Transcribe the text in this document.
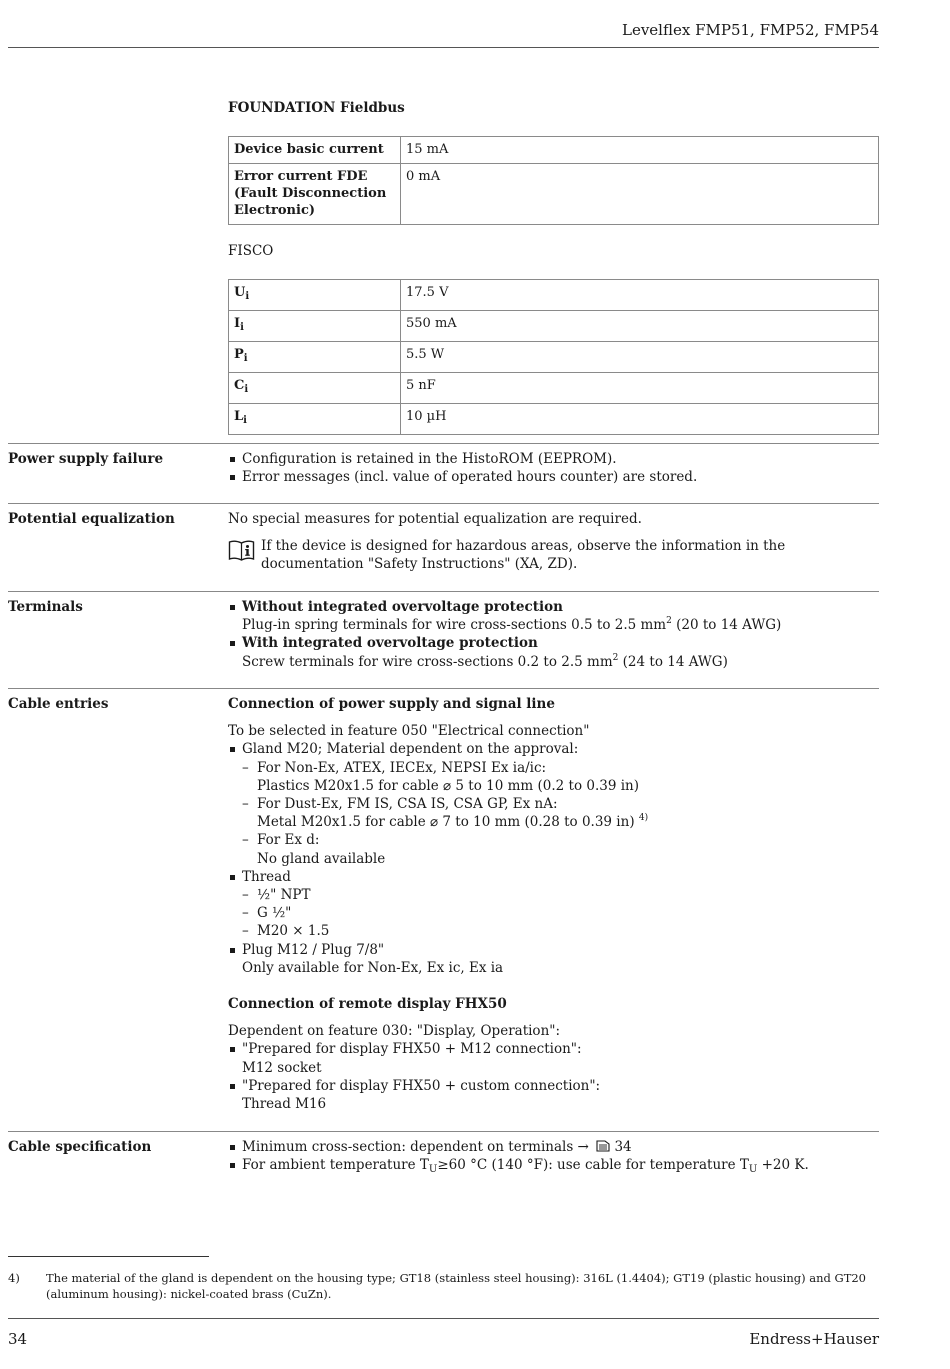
Levelflex FMP51, FMP52, FMP54
FOUNDATION Fieldbus
Device basic current	15 mA
Error current FDE (Fault Disconnection Electronic)	0 mA
FISCO
$U_i$	17.5 V
$I_i$	550 mA
$P_i$	5.5 W
$C_i$	5 nF
$L_i$	10 µH
Power supply failure	Configuration is retained in the HistoROM (EEPROM).
Error messages (incl. value of operated hours counter) are stored.
Potential equalization	No special measures for potential equalization are required.
If the device is designed for hazardous areas, observe the information in the documentation "Safety Instructions" (XA, ZD).
Terminals	Without integrated overvoltage protection
Plug-in spring terminals for wire cross-sections 0.5 to 2.5 $mm^2$ (20 to 14 AWG)
With integrated overvoltage protection
Screw terminals for wire cross-sections 0.2 to 2.5 $mm^2$ (24 to 14 AWG)
Cable entries	Connection of power supply and signal line
To be selected in feature 050 "Electrical connection"
Gland M20; Material dependent on the approval:
– For Non-Ex, ATEX, IECEx, NEPSI Ex ia/ic:
Plastics M20x1.5 for cable ⌀ 5 to 10 mm (0.2 to 0.39 in)
– For Dust-Ex, FM IS, CSA IS, CSA GP, Ex nA:
Metal M20x1.5 for cable ⌀ 7 to 10 mm (0.28 to 0.39 in) $^{4)}$
– For Ex d:
No gland available
Thread
– ½" NPT
– G ½"
– M20 × 1.5
Plug M12 / Plug 7/8"
Only available for Non-Ex, Ex ic, Ex ia
Connection of remote display FHX50
Dependent on feature 030: "Display, Operation":
"Prepared for display FHX50 + M12 connection":
M12 socket
"Prepared for display FHX50 + custom connection":
Thread M16
Cable specification	Minimum cross-section: dependent on terminals → 34
For ambient temperature $T_U\ge 60$ °C (140 °F): use cable for temperature $T_U +20$ K.
4) The material of the gland is dependent on the housing type; GT18 (stainless steel housing): 316L (1.4404); GT19 (plastic housing) and GT20 (aluminum housing): nickel-coated brass (CuZn).
34	Endress+Hauser
